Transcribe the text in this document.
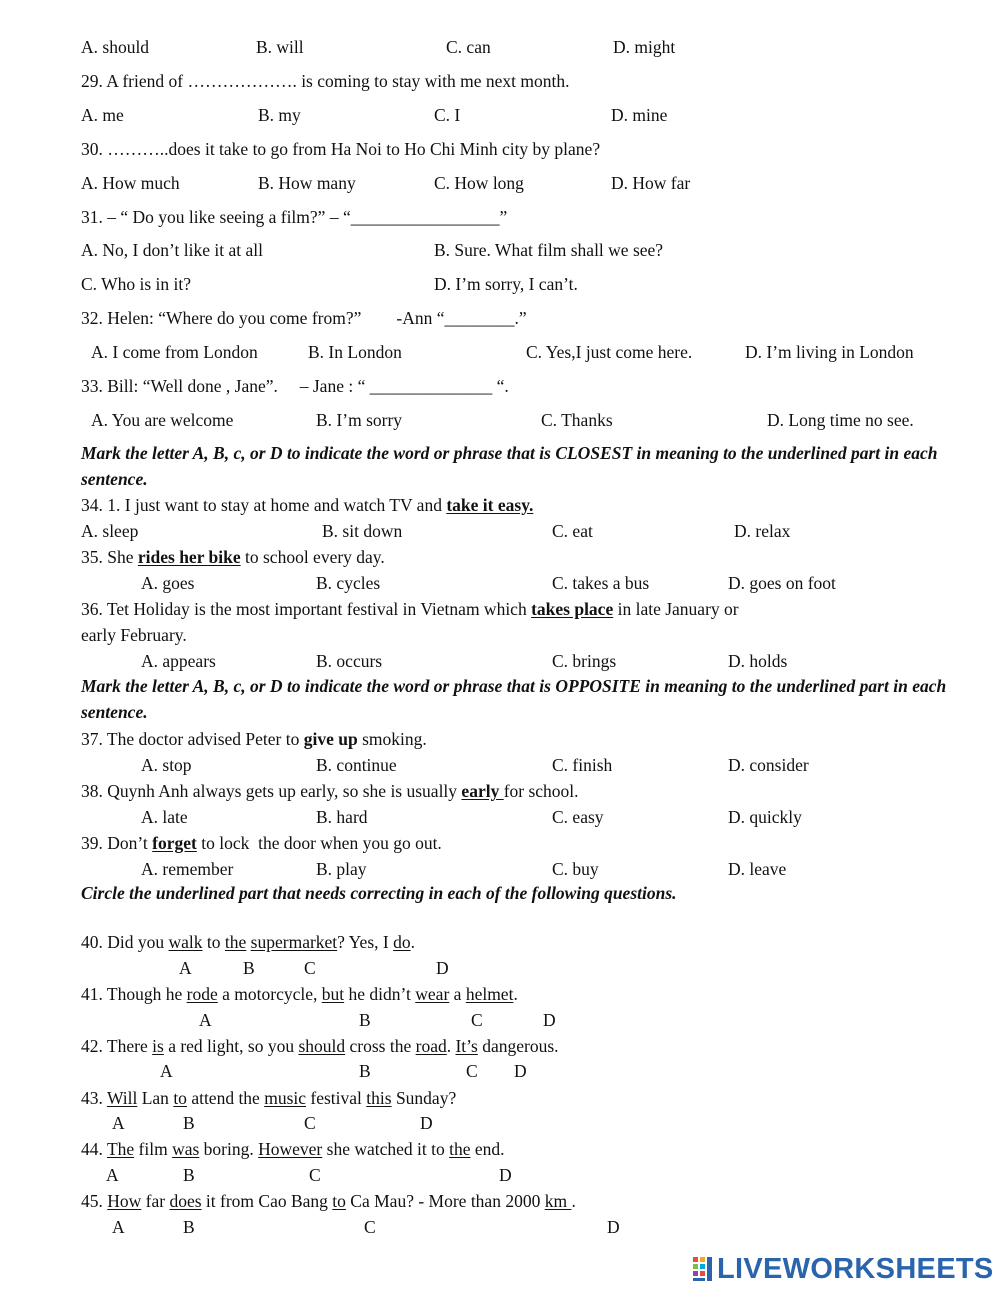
A. should	B. will	C. can	D. might
29. A friend of ………………. is coming to stay with me next month.
A. me	B. my	C. I	D. mine
30. ………..does it take to go from Ha Noi to Ho Chi Minh city by plane?
A. How much	B. How many	C. How long	D. How far
31. – “ Do you like seeing a film?” – “_________________”
A. No, I don’t like it at all	B. Sure. What film shall we see?
C. Who is in it?	D. I’m sorry, I can’t.
32. Helen: “Where do you come from?”        -Ann “________.”
A. I come from London	B. In London	C. Yes,I just come here.	D. I’m living in London
33. Bill: “Well done , Jane”.     – Jane : “ ______________ “.
A. You are welcome	B. I’m sorry	C. Thanks	D. Long time no see.
Mark the letter A, B, c, or D to indicate the word or phrase that is CLOSEST in meaning to the underlined part in each sentence.
34. 1. I just want to stay at home and watch TV and take it easy.
A. sleep	B. sit down	C. eat	D. relax
35. She rides her bike to school every day.
A. goes	B. cycles	C. takes a bus	D. goes on foot
36. Tet Holiday is the most important festival in Vietnam which takes place in late January or
early February.
A. appears	B. occurs	C. brings	D. holds
Mark the letter A, B, c, or D to indicate the word or phrase that is OPPOSITE in meaning to the underlined part in each sentence.
37. The doctor advised Peter to give up smoking.
A. stop	B. continue	C. finish	D. consider
38. Quynh Anh always gets up early, so she is usually early for school.
A. late	B. hard	C. easy	D. quickly
39. Don’t forget to lock  the door when you go out.
A. remember	B. play	C. buy	D. leave
Circle the underlined part that needs correcting in each of the following questions.
40. Did you walk to the supermarket? Yes, I do.
A	B	C	D
41. Though he rode a motorcycle, but he didn’t wear a helmet.
A	B	C	D
42. There is a red light, so you should cross the road. It’s dangerous.
A	B	C D
43. Will Lan to attend the music festival this Sunday?
A	B	C	D
44. The film was boring. However she watched it to the end.
A	B	C	D
45. How far does it from Cao Bang to Ca Mau? - More than 2000 km .
A	B	C	D
LIVEWORKSHEETS
